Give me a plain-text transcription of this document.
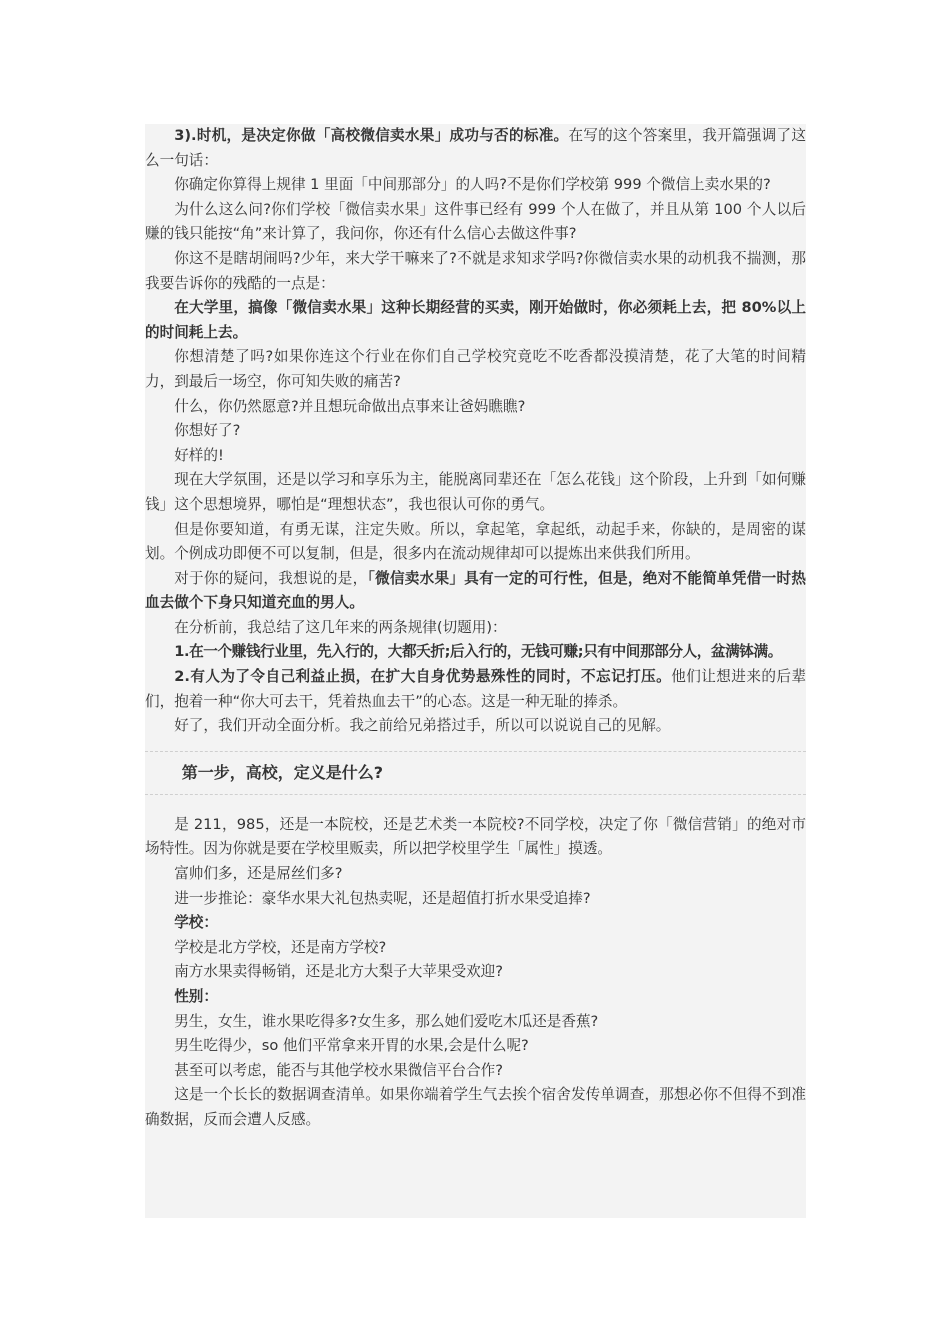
3).时机，是决定你做「高校微信卖水果」成功与否的标准。在写的这个答案里，我开篇强调了这么一句话：

你确定你算得上规律 1 里面「中间那部分」的人吗?不是你们学校第 999 个微信上卖水果的?

为什么这么问?你们学校「微信卖水果」这件事已经有 999 个人在做了，并且从第 100 个人以后赚的钱只能按“角”来计算了，我问你，你还有什么信心去做这件事?

你这不是瞎胡闹吗?少年，来大学干嘛来了?不就是求知求学吗?你微信卖水果的动机我不揣测，那我要告诉你的残酷的一点是：

在大学里，搞像「微信卖水果」这种长期经营的买卖，刚开始做时，你必须耗上去，把 80%以上的时间耗上去。

你想清楚了吗?如果你连这个行业在你们自己学校究竟吃不吃香都没摸清楚，花了大笔的时间精力，到最后一场空，你可知失败的痛苦?

什么，你仍然愿意?并且想玩命做出点事来让爸妈瞧瞧?

你想好了?

好样的!

现在大学氛围，还是以学习和享乐为主，能脱离同辈还在「怎么花钱」这个阶段，上升到「如何赚钱」这个思想境界，哪怕是“理想状态”，我也很认可你的勇气。

但是你要知道，有勇无谋，注定失败。所以，拿起笔，拿起纸，动起手来，你缺的，是周密的谋划。个例成功即便不可以复制，但是，很多内在流动规律却可以提炼出来供我们所用。

对于你的疑问，我想说的是，「微信卖水果」具有一定的可行性，但是，绝对不能简单凭借一时热血去做个下身只知道充血的男人。

在分析前，我总结了这几年来的两条规律(切题用)：

1.在一个赚钱行业里，先入行的，大都夭折;后入行的，无钱可赚;只有中间那部分人，盆满钵满。

2.有人为了令自己利益止损，在扩大自身优势悬殊性的同时，不忘记打压。他们让想进来的后辈们，抱着一种“你大可去干，凭着热血去干”的心态。这是一种无耻的捧杀。

好了，我们开动全面分析。我之前给兄弟搭过手，所以可以说说自己的见解。

第一步，高校，定义是什么?

是 211，985，还是一本院校，还是艺术类一本院校?不同学校，决定了你「微信营销」的绝对市场特性。因为你就是要在学校里贩卖，所以把学校里学生「属性」摸透。

富帅们多，还是屌丝们多?

进一步推论：豪华水果大礼包热卖呢，还是超值打折水果受追捧?

学校：

学校是北方学校，还是南方学校?

南方水果卖得畅销，还是北方大梨子大苹果受欢迎?

性别：

男生，女生，谁水果吃得多?女生多，那么她们爱吃木瓜还是香蕉?

男生吃得少，so 他们平常拿来开胃的水果,会是什么呢?

甚至可以考虑，能否与其他学校水果微信平台合作?

这是一个长长的数据调查清单。如果你端着学生气去挨个宿舍发传单调查，那想必你不但得不到准确数据，反而会遭人反感。
